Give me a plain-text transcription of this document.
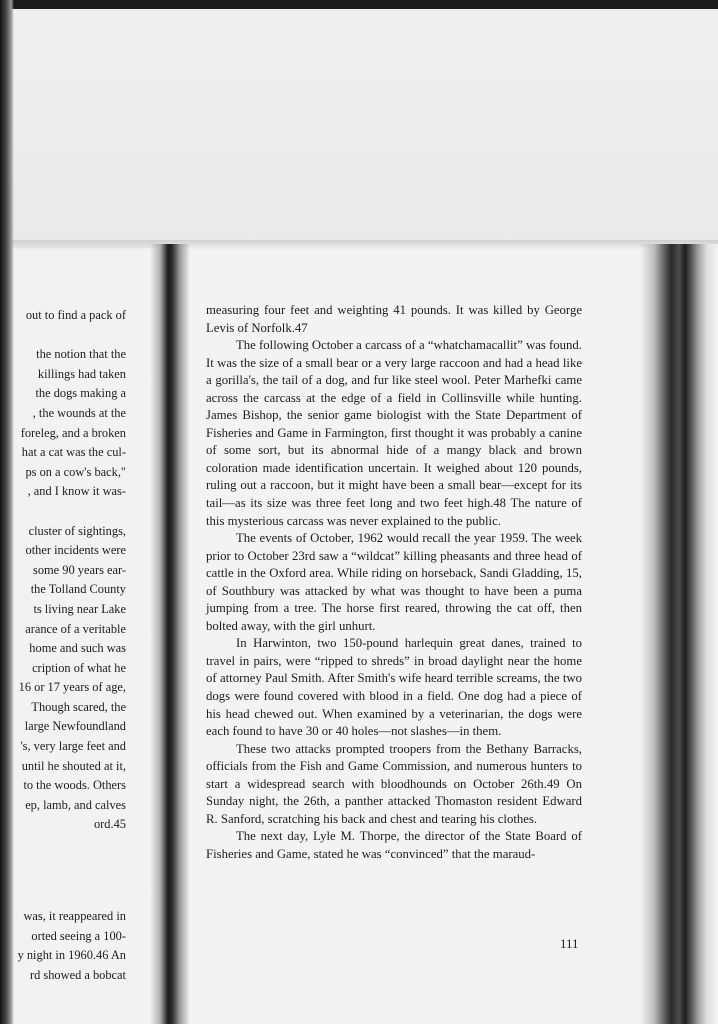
out to find a pack of
the notion that the
killings had taken
the dogs making a
, the wounds at the
foreleg, and a broken
hat a cat was the cul-
ps on a cow's back,"
, and I know it was-
cluster of sightings,
other incidents were
some 90 years ear-
the Tolland County
ts living near Lake
arance of a veritable
home and such was
cription of what he
16 or 17 years of age,
Though scared, the
large Newfoundland
's, very large feet and
until he shouted at it,
to the woods. Others
ep, lamb, and calves
ord.45
was, it reappeared in
orted seeing a 100-
y night in 1960.46 An
rd showed a bobcat

measuring four feet and weighting 41 pounds. It was killed by George Levis of Norfolk.47

The following October a carcass of a “whatchamacallit” was found. It was the size of a small bear or a very large raccoon and had a head like a gorilla's, the tail of a dog, and fur like steel wool. Peter Marhefki came across the carcass at the edge of a field in Collinsville while hunting. James Bishop, the senior game biologist with the State Department of Fisheries and Game in Farmington, first thought it was probably a canine of some sort, but its abnormal hide of a mangy black and brown coloration made identification uncertain. It weighed about 120 pounds, ruling out a raccoon, but it might have been a small bear—except for its tail—as its size was three feet long and two feet high.48 The nature of this mysterious carcass was never explained to the public.

The events of October, 1962 would recall the year 1959. The week prior to October 23rd saw a “wildcat” killing pheasants and three head of cattle in the Oxford area. While riding on horseback, Sandi Gladding, 15, of Southbury was attacked by what was thought to have been a puma jumping from a tree. The horse first reared, throwing the cat off, then bolted away, with the girl unhurt.

In Harwinton, two 150-pound harlequin great danes, trained to travel in pairs, were “ripped to shreds” in broad daylight near the home of attorney Paul Smith. After Smith's wife heard terrible screams, the two dogs were found covered with blood in a field. One dog had a piece of his head chewed out. When examined by a veterinarian, the dogs were each found to have 30 or 40 holes—not slashes—in them.

These two attacks prompted troopers from the Bethany Barracks, officials from the Fish and Game Commission, and numerous hunters to start a widespread search with bloodhounds on October 26th.49 On Sunday night, the 26th, a panther attacked Thomaston resident Edward R. Sanford, scratching his back and chest and tearing his clothes.

The next day, Lyle M. Thorpe, the director of the State Board of Fisheries and Game, stated he was “convinced” that the maraud-

111
